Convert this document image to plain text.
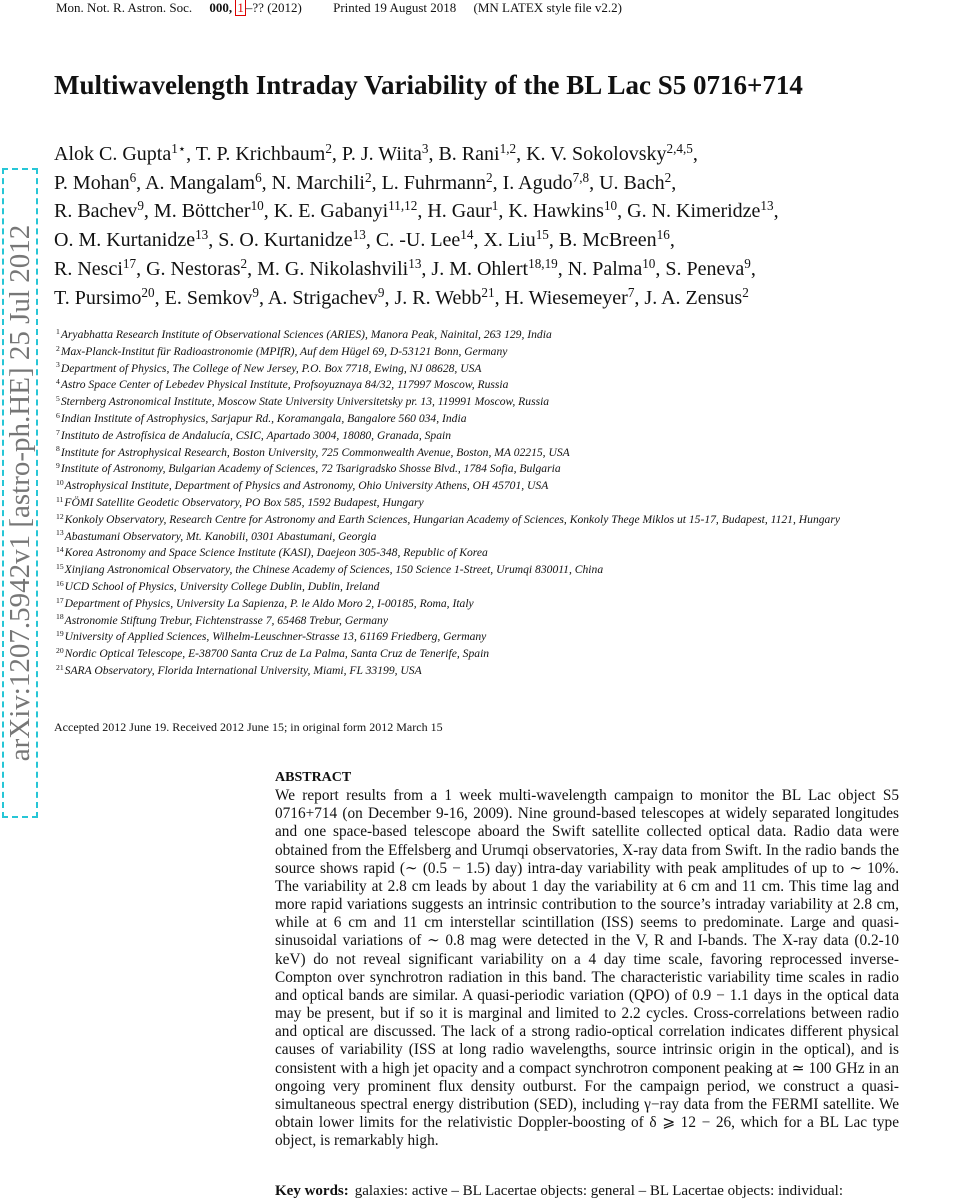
Mon. Not. R. Astron. Soc. 000, 1 –?? (2012) Printed 19 August 2018 (MN LATEX style file v2.2)
arXiv:1207.5942v1 [astro-ph.HE] 25 Jul 2012
Multiwavelength Intraday Variability of the BL Lac S5 0716+714
Alok C. Gupta$^{1⋆}$, T. P. Krichbaum$^2$, P. J. Wiita$^3$, B. Rani$^{1,2}$, K. V. Sokolovsky$^{2,4,5}$,
P. Mohan$^6$, A. Mangalam$^6$, N. Marchili$^2$, L. Fuhrmann$^2$, I. Agudo$^{7,8}$, U. Bach$^2$,
R. Bachev$^9$, M. Böttcher$^{10}$, K. E. Gabanyi$^{11,12}$, H. Gaur$^1$, K. Hawkins$^{10}$, G. N. Kimeridze$^{13}$,
O. M. Kurtanidze$^{13}$, S. O. Kurtanidze$^{13}$, C. -U. Lee$^{14}$, X. Liu$^{15}$, B. McBreen$^{16}$,
R. Nesci$^{17}$, G. Nestoras$^2$, M. G. Nikolashvili$^{13}$, J. M. Ohlert$^{18,19}$, N. Palma$^{10}$, S. Peneva$^9$,
T. Pursimo$^{20}$, E. Semkov$^9$, A. Strigachev$^9$, J. R. Webb$^{21}$, H. Wiesemeyer$^7$, J. A. Zensus$^2$
$^1$Aryabhatta Research Institute of Observational Sciences (ARIES), Manora Peak, Nainital, 263 129, India
$^2$Max-Planck-Institut für Radioastronomie (MPIfR), Auf dem Hügel 69, D-53121 Bonn, Germany
$^3$Department of Physics, The College of New Jersey, P.O. Box 7718, Ewing, NJ 08628, USA
$^4$Astro Space Center of Lebedev Physical Institute, Profsoyuznaya 84/32, 117997 Moscow, Russia
$^5$Sternberg Astronomical Institute, Moscow State University Universitetsky pr. 13, 119991 Moscow, Russia
$^6$Indian Institute of Astrophysics, Sarjapur Rd., Koramangala, Bangalore 560 034, India
$^7$Instituto de Astrofísica de Andalucía, CSIC, Apartado 3004, 18080, Granada, Spain
$^8$Institute for Astrophysical Research, Boston University, 725 Commonwealth Avenue, Boston, MA 02215, USA
$^9$Institute of Astronomy, Bulgarian Academy of Sciences, 72 Tsarigradsko Shosse Blvd., 1784 Sofia, Bulgaria
$^{10}$Astrophysical Institute, Department of Physics and Astronomy, Ohio University Athens, OH 45701, USA
$^{11}$FÖMI Satellite Geodetic Observatory, PO Box 585, 1592 Budapest, Hungary
$^{12}$Konkoly Observatory, Research Centre for Astronomy and Earth Sciences, Hungarian Academy of Sciences, Konkoly Thege Miklos ut 15-17, Budapest, 1121, Hungary
$^{13}$Abastumani Observatory, Mt. Kanobili, 0301 Abastumani, Georgia
$^{14}$Korea Astronomy and Space Science Institute (KASI), Daejeon 305-348, Republic of Korea
$^{15}$Xinjiang Astronomical Observatory, the Chinese Academy of Sciences, 150 Science 1-Street, Urumqi 830011, China
$^{16}$UCD School of Physics, University College Dublin, Dublin, Ireland
$^{17}$Department of Physics, University La Sapienza, P. le Aldo Moro 2, I-00185, Roma, Italy
$^{18}$Astronomie Stiftung Trebur, Fichtenstrasse 7, 65468 Trebur, Germany
$^{19}$University of Applied Sciences, Wilhelm-Leuschner-Strasse 13, 61169 Friedberg, Germany
$^{20}$Nordic Optical Telescope, E-38700 Santa Cruz de La Palma, Santa Cruz de Tenerife, Spain
$^{21}$SARA Observatory, Florida International University, Miami, FL 33199, USA
Accepted 2012 June 19. Received 2012 June 15; in original form 2012 March 15
ABSTRACT

We report results from a 1 week multi-wavelength campaign to monitor the BL Lac object S5 0716+714 (on December 9-16, 2009). Nine ground-based telescopes at widely separated longitudes and one space-based telescope aboard the Swift satellite collected optical data. Radio data were obtained from the Effelsberg and Urumqi observatories, X-ray data from Swift. In the radio bands the source shows rapid (∼ (0.5 − 1.5) day) intra-day variability with peak amplitudes of up to ∼ 10%. The variability at 2.8 cm leads by about 1 day the variability at 6 cm and 11 cm. This time lag and more rapid variations suggests an intrinsic contribution to the source’s intraday variability at 2.8 cm, while at 6 cm and 11 cm interstellar scintillation (ISS) seems to predominate. Large and quasi-sinusoidal variations of ∼ 0.8 mag were detected in the V, R and I-bands. The X-ray data (0.2-10 keV) do not reveal significant variability on a 4 day time scale, favoring reprocessed inverse-Compton over synchrotron radiation in this band. The characteristic variability time scales in radio and optical bands are similar. A quasi-periodic variation (QPO) of 0.9 − 1.1 days in the optical data may be present, but if so it is marginal and limited to 2.2 cycles. Cross-correlations between radio and optical are discussed. The lack of a strong radio-optical correlation indicates different physical causes of variability (ISS at long radio wavelengths, source intrinsic origin in the optical), and is consistent with a high jet opacity and a compact synchrotron component peaking at ≃ 100 GHz in an ongoing very prominent flux density outburst. For the campaign period, we construct a quasi-simultaneous spectral energy distribution (SED), including γ−ray data from the FERMI satellite. We obtain lower limits for the relativistic Doppler-boosting of δ ⩾ 12 − 26, which for a BL Lac type object, is remarkably high.

Key words: galaxies: active – BL Lacertae objects: general – BL Lacertae objects: individual:
